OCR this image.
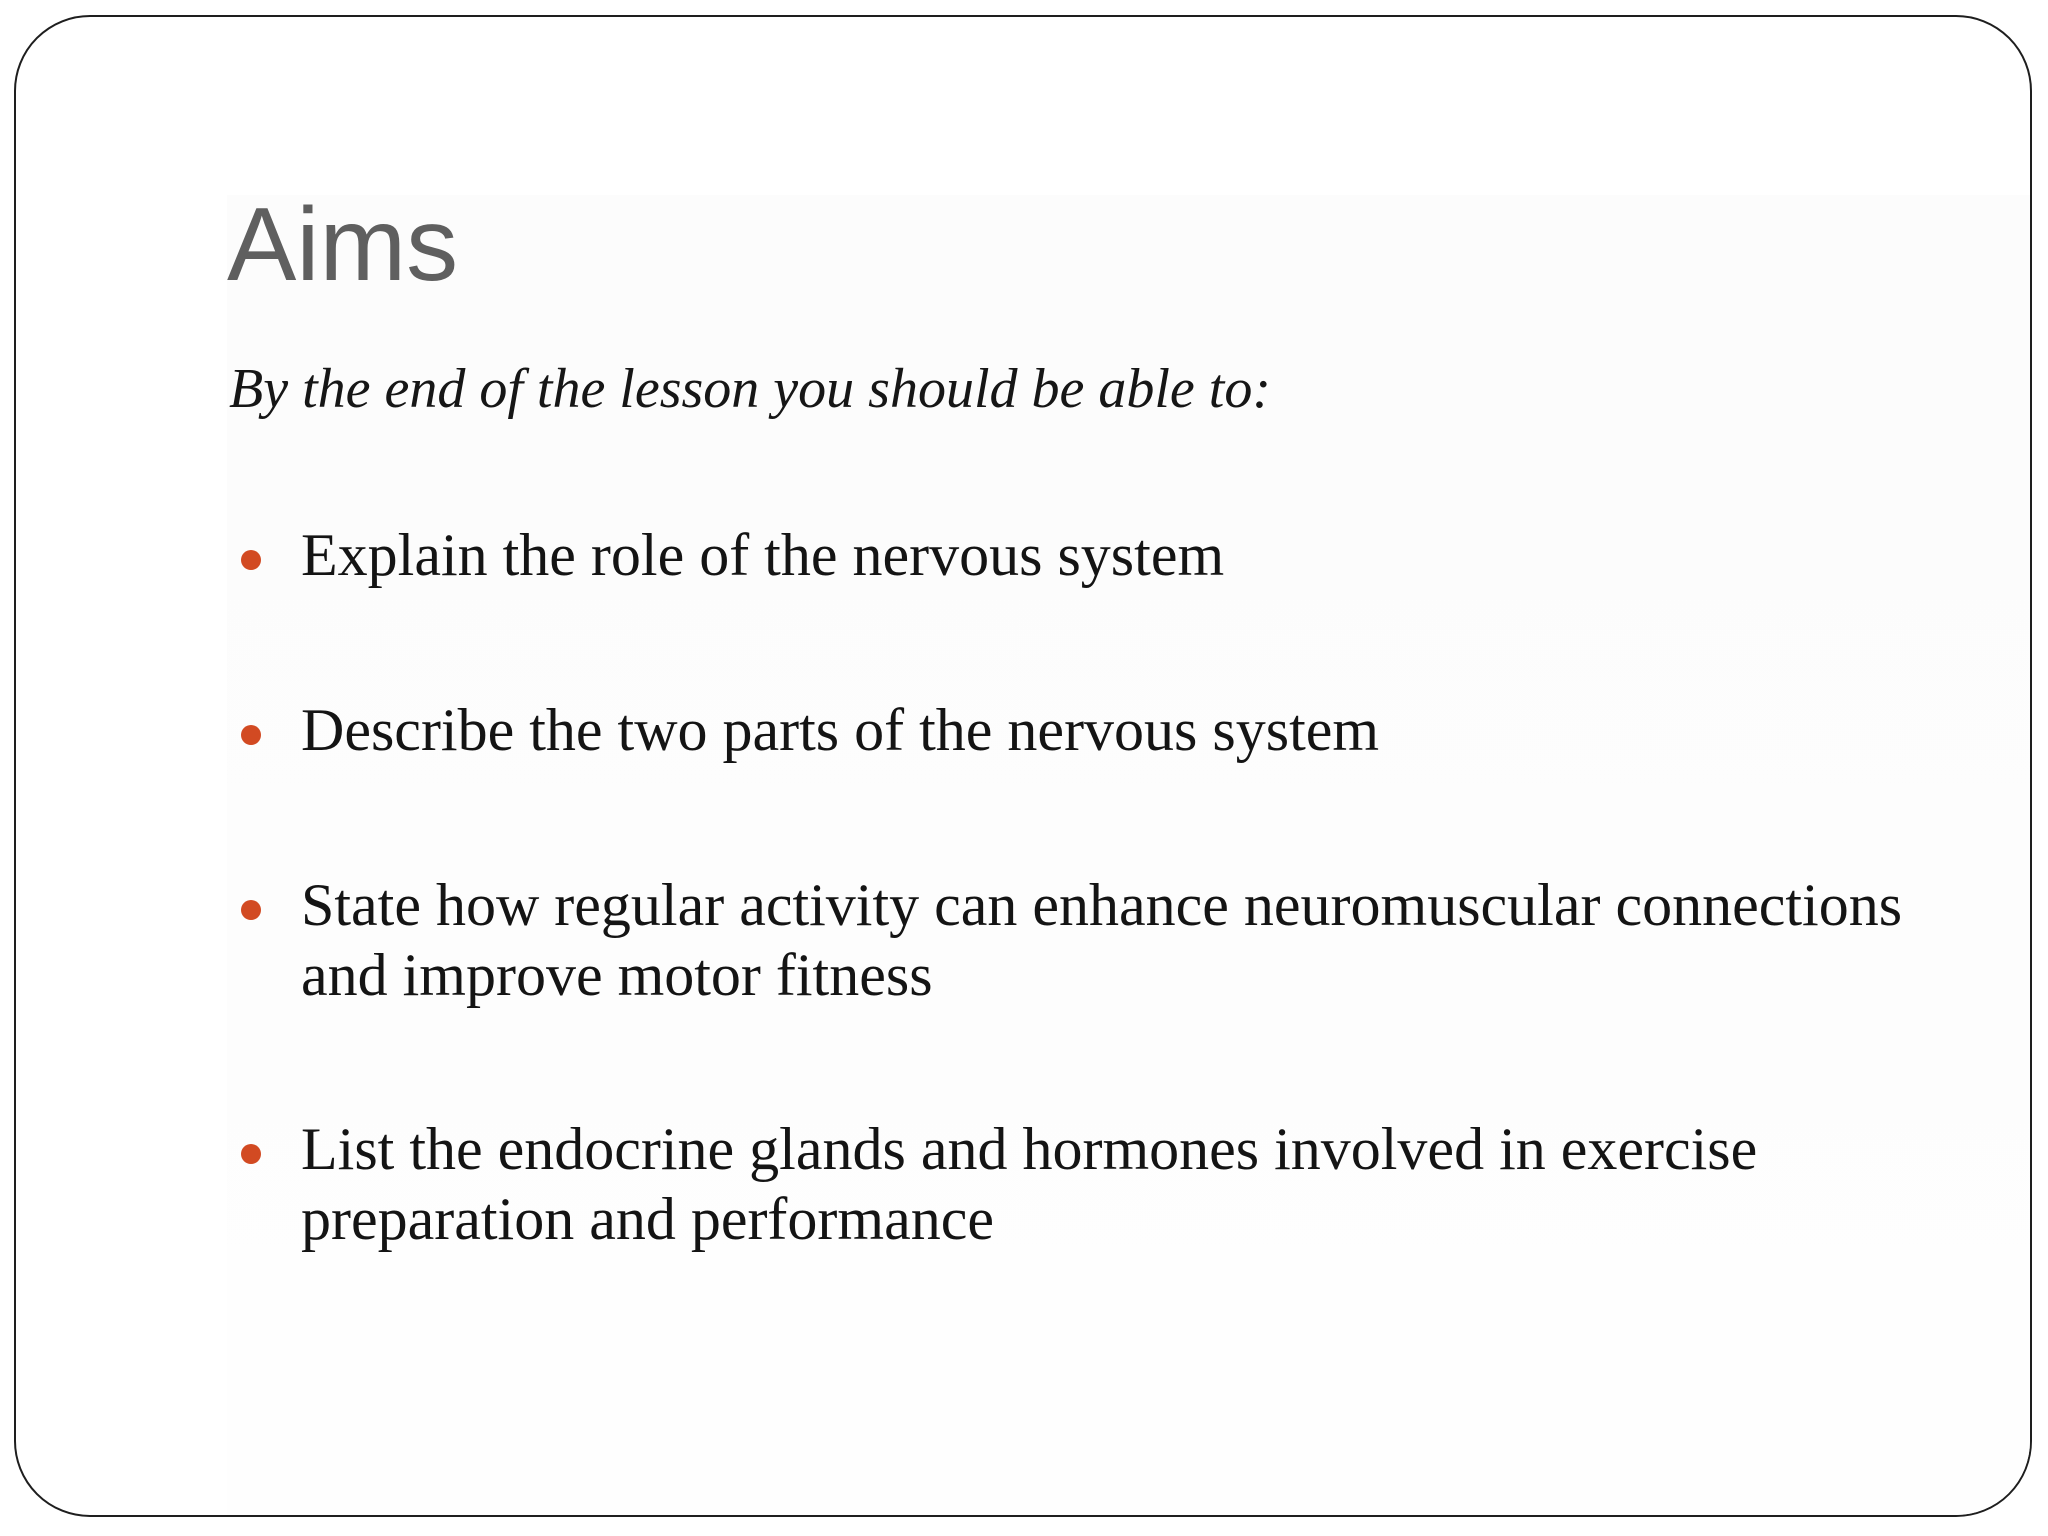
Aims

By the end of the lesson you should be able to:

Explain the role of the nervous system
Describe the two parts of the nervous system
State how regular activity can enhance neuromuscular connections and improve motor fitness
List the endocrine glands and hormones involved in exercise preparation and performance
